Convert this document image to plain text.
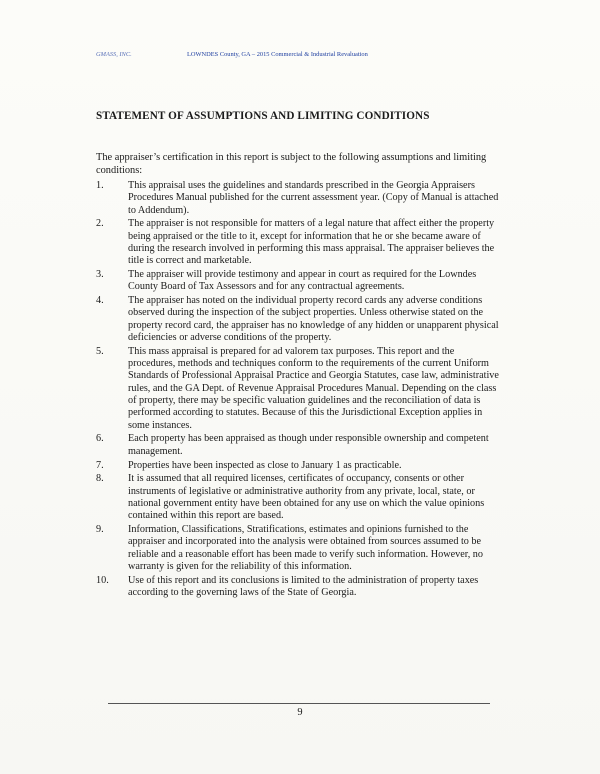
GMASS, INC.	LOWNDES County, GA – 2015 Commercial & Industrial Revaluation
STATEMENT OF ASSUMPTIONS AND LIMITING CONDITIONS
The appraiser’s certification in this report is subject to the following assumptions and limiting conditions:
1. This appraisal uses the guidelines and standards prescribed in the Georgia Appraisers Procedures Manual published for the current assessment year. (Copy of Manual is attached to Addendum).
2. The appraiser is not responsible for matters of a legal nature that affect either the property being appraised or the title to it, except for information that he or she became aware of during the research involved in performing this mass appraisal. The appraiser believes the title is correct and marketable.
3. The appraiser will provide testimony and appear in court as required for the Lowndes County Board of Tax Assessors and for any contractual agreements.
4. The appraiser has noted on the individual property record cards any adverse conditions observed during the inspection of the subject properties. Unless otherwise stated on the property record card, the appraiser has no knowledge of any hidden or unapparent physical deficiencies or adverse conditions of the property.
5. This mass appraisal is prepared for ad valorem tax purposes. This report and the procedures, methods and techniques conform to the requirements of the current Uniform Standards of Professional Appraisal Practice and Georgia Statutes, case law, administrative rules, and the GA Dept. of Revenue Appraisal Procedures Manual. Depending on the class of property, there may be specific valuation guidelines and the reconciliation of data is performed according to statutes. Because of this the Jurisdictional Exception applies in some instances.
6. Each property has been appraised as though under responsible ownership and competent management.
7. Properties have been inspected as close to January 1 as practicable.
8. It is assumed that all required licenses, certificates of occupancy, consents or other instruments of legislative or administrative authority from any private, local, state, or national government entity have been obtained for any use on which the value opinions contained within this report are based.
9. Information, Classifications, Stratifications, estimates and opinions furnished to the appraiser and incorporated into the analysis were obtained from sources assumed to be reliable and a reasonable effort has been made to verify such information. However, no warranty is given for the reliability of this information.
10. Use of this report and its conclusions is limited to the administration of property taxes according to the governing laws of the State of Georgia.
9
